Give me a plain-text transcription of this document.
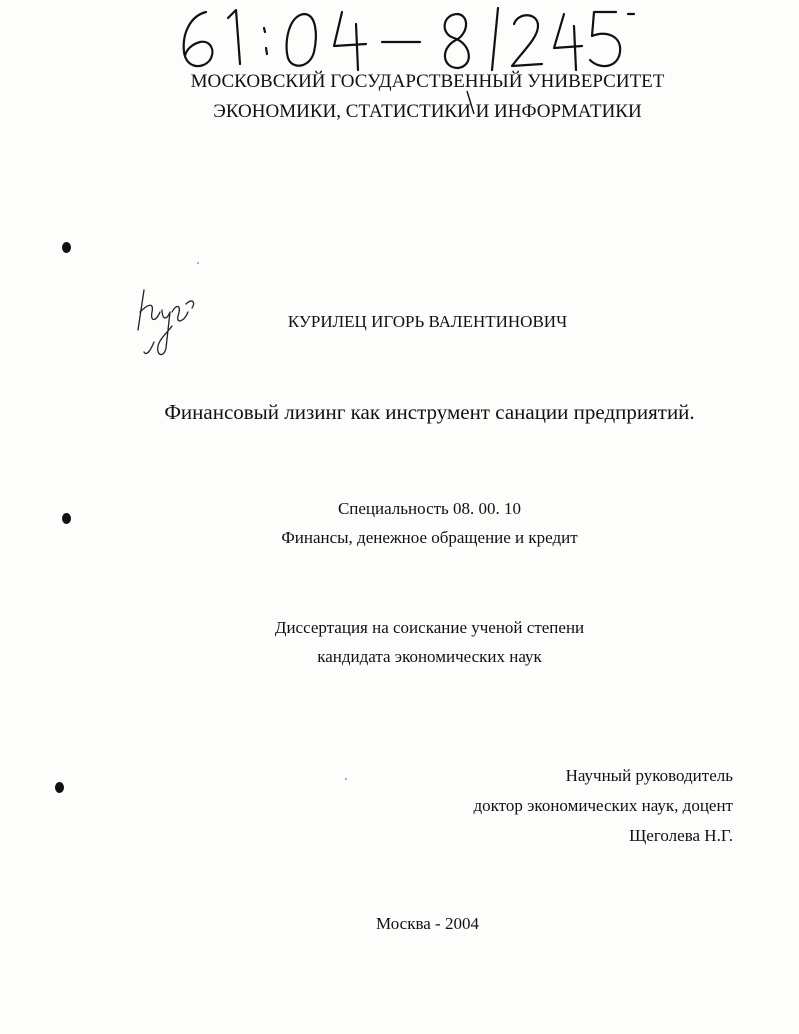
МОСКОВСКИЙ ГОСУДАРСТВЕННЫЙ УНИВЕРСИТЕТ
ЭКОНОМИКИ, СТАТИСТИКИ И ИНФОРМАТИКИ
КУРИЛЕЦ ИГОРЬ ВАЛЕНТИНОВИЧ
Финансовый лизинг как инструмент санации предприятий.
Специальность 08. 00. 10
Финансы, денежное обращение и кредит
Диссертация на соискание ученой степени
кандидата экономических наук
Научный руководитель
доктор экономических наук, доцент
Щеголева Н.Г.
Москва - 2004
